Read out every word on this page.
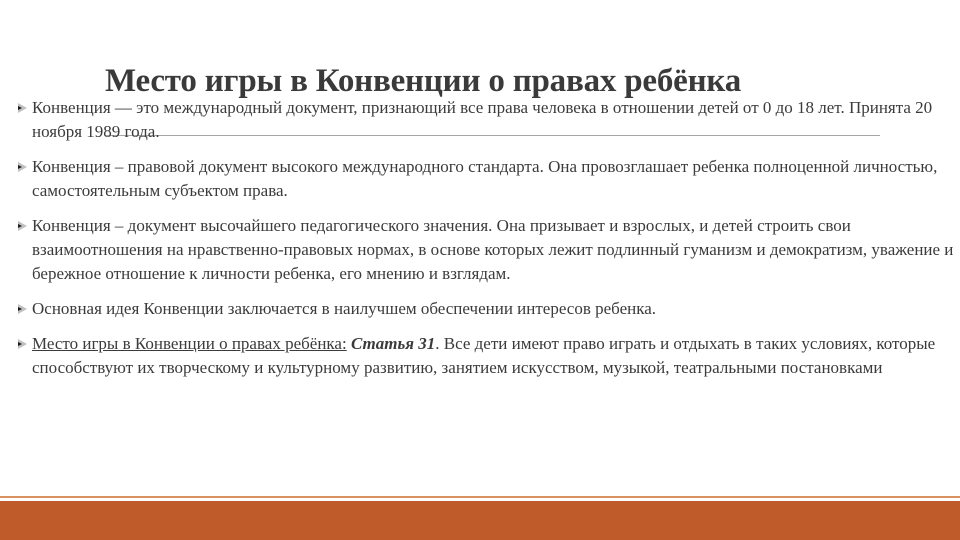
Место игры в Конвенции о правах ребёнка
Конвенция — это международный документ, признающий все права человека в отношении детей от 0 до 18 лет. Принята 20 ноября 1989 года.
Конвенция – правовой документ высокого международного стандарта. Она провозглашает ребенка полноценной личностью, самостоятельным субъектом права.
Конвенция – документ высочайшего педагогического значения. Она призывает и взрослых, и детей строить свои взаимоотношения на нравственно-правовых нормах, в основе которых лежит подлинный гуманизм и демократизм, уважение и бережное отношение к личности ребенка, его мнению и взглядам.
Основная идея Конвенции заключается в наилучшем обеспечении интересов ребенка.
Место игры в Конвенции о правах ребёнка: Статья 31. Все дети имеют право играть и отдыхать в таких условиях, которые способствуют их творческому и культурному развитию, занятием искусством, музыкой, театральными постановками
